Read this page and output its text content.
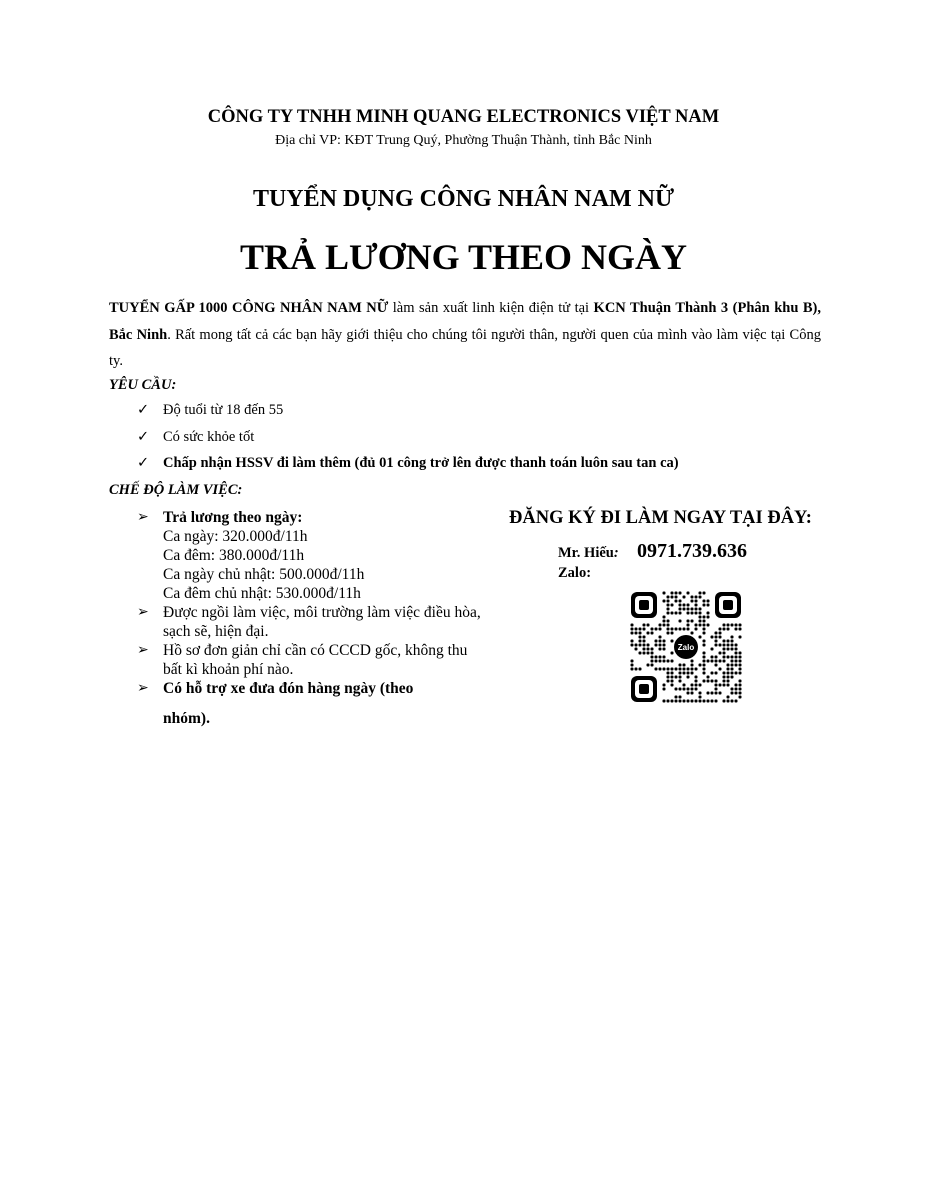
CÔNG TY TNHH MINH QUANG ELECTRONICS VIỆT NAM
Địa chỉ VP: KĐT Trung Quý, Phường Thuận Thành, tỉnh Bắc Ninh
TUYỂN DỤNG CÔNG NHÂN NAM NỮ
TRẢ LƯƠNG THEO NGÀY
TUYỂN GẤP 1000 CÔNG NHÂN NAM NỮ làm sản xuất linh kiện điện tử tại KCN Thuận Thành 3 (Phân khu B), Bắc Ninh. Rất mong tất cả các bạn hãy giới thiệu cho chúng tôi người thân, người quen của mình vào làm việc tại Công ty.
YÊU CẦU:
✓ Độ tuổi từ 18 đến 55
✓ Có sức khỏe tốt
✓ Chấp nhận HSSV đi làm thêm (đủ 01 công trở lên được thanh toán luôn sau tan ca)
CHẾ ĐỘ LÀM VIỆC:
➢ Trả lương theo ngày:
Ca ngày: 320.000đ/11h
Ca đêm: 380.000đ/11h
Ca ngày chủ nhật: 500.000đ/11h
Ca đêm chủ nhật: 530.000đ/11h
➢ Được ngồi làm việc, môi trường làm việc điều hòa, sạch sẽ, hiện đại.
➢ Hồ sơ đơn giản chỉ cần có CCCD gốc, không thu bất kì khoản phí nào.
➢ Có hỗ trợ xe đưa đón hàng ngày (theo
nhóm).
ĐĂNG KÝ ĐI LÀM NGAY TẠI ĐÂY:
Mr. Hiếu: 0971.739.636
Zalo:
Zalo
